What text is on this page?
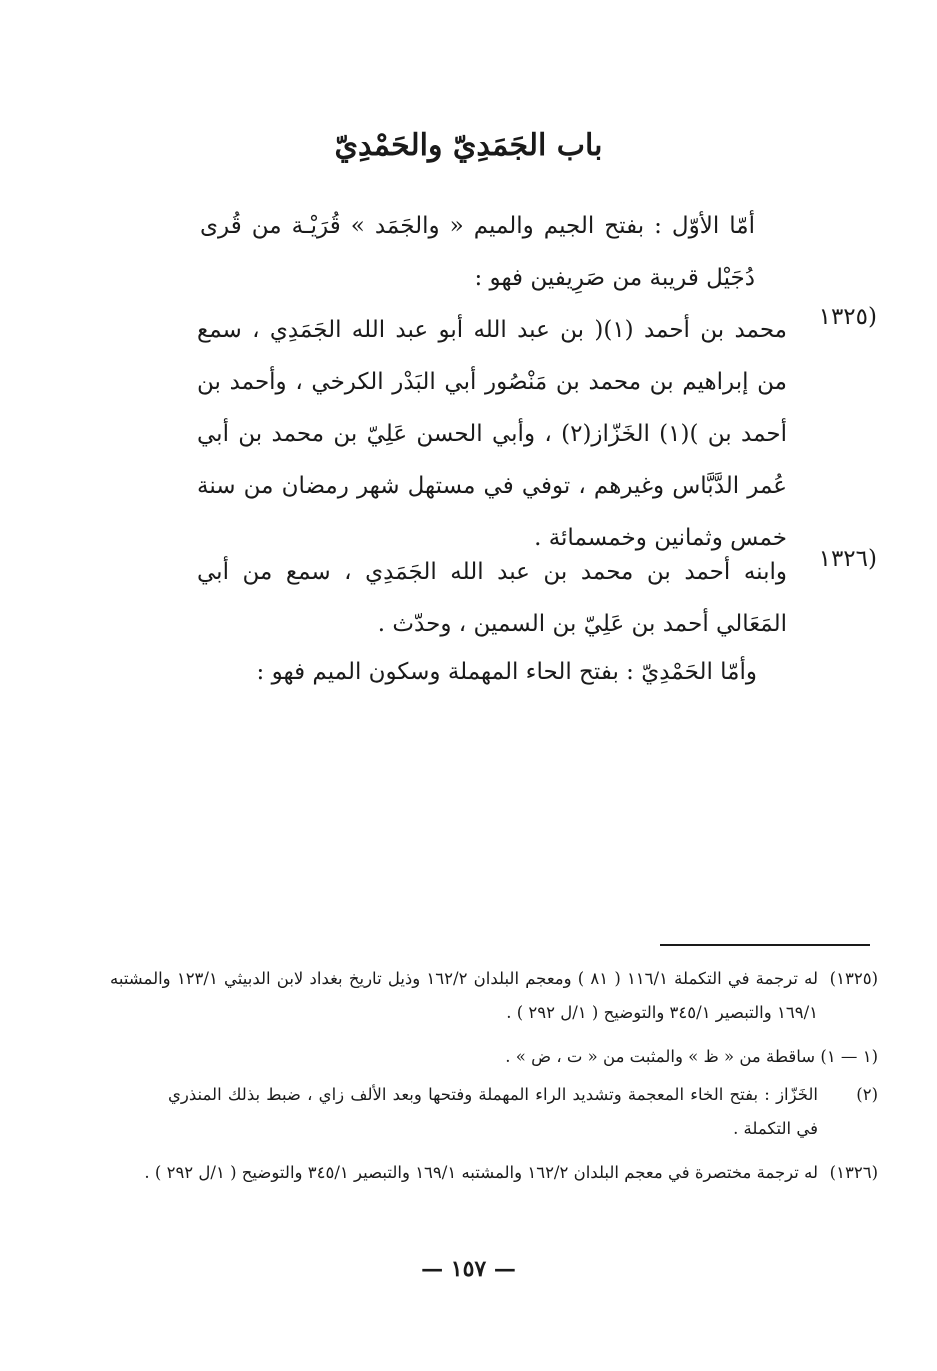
باب الجَمَدِيّ والحَمْدِيّ
أمّا الأوّل : بفتح الجيم والميم « والجَمَد » قُرَيْـة من قُرى دُجَيْل قريبة من صَرِيفين فهو :
(١٣٢٥
محمد بن أحمد (١)( بن عبد الله أبو عبد الله الجَمَدِي ، سمع من إبراهيم بن محمد بن مَنْصُور أبي البَدْر الكرخي ، وأحمد بن أحمد بن )(١) الخَزّاز(٢) ، وأبي الحسن عَلِيّ بن محمد بن أبي عُمر الدَّبَّاس وغيرهم ، توفي في مستهل شهر رمضان من سنة خمس وثمانين وخمسمائة .
(١٣٢٦
وابنه أحمد بن محمد بن عبد الله الجَمَدِي ، سمع من أبي المَعَالي أحمد بن عَلِيّ بن السمين ، وحدّث .
وأمّا الحَمْدِيّ : بفتح الحاء المهملة وسكون الميم فهو :
(١٣٢٥)
له ترجمة في التكملة ١١٦/١ ( ٨١ ) ومعجم البلدان ١٦٢/٢ وذيل تاريخ بغداد لابن الدبيثي ١٢٣/١ والمشتبه ١٦٩/١ والتبصير ٣٤٥/١ والتوضيح ( ١/ل ٢٩٢ ) .
(١ — ١) ساقطة من « ظ » والمثبت من « ت ، ض » .
(٢)
الخَزّاز : بفتح الخاء المعجمة وتشديد الراء المهملة وفتحها وبعد الألف زاي ، ضبط بذلك المنذري في التكملة .
(١٣٢٦)
له ترجمة مختصرة في معجم البلدان ١٦٢/٢ والمشتبه ١٦٩/١ والتبصير ٣٤٥/١ والتوضيح ( ١/ل ٢٩٢ ) .
— ١٥٧ —
